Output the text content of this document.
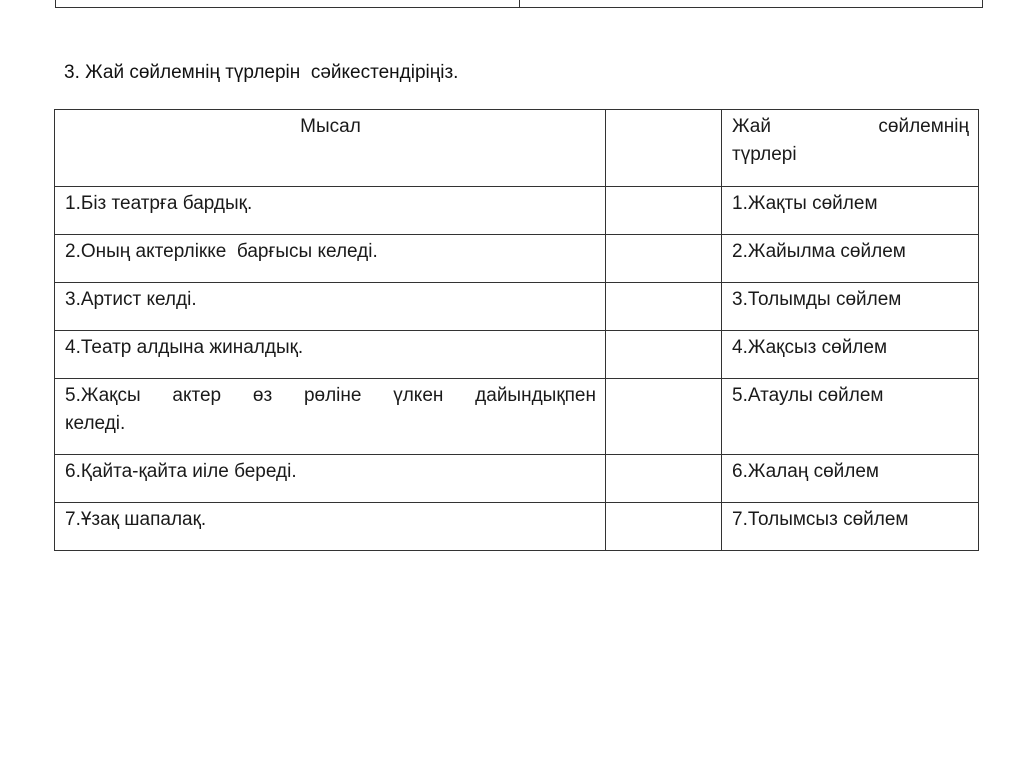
3. Жай сөйлемнің түрлерін  сәйкестендіріңіз.
Мысал		Жай сөйлемнің
түрлері

1.Біз театрға бардық.		1.Жақты сөйлем
2.Оның актерлікке  барғысы келеді.		2.Жайылма сөйлем
3.Артист келді.		3.Толымды сөйлем
4.Театр алдына жиналдық.		4.Жақсыз сөйлем

5.Жақсы актер өз рөліне үлкен дайындықпен
келеді.		5.Атаулы сөйлем
6.Қайта-қайта иіле береді.		6.Жалаң сөйлем
7.Ұзақ шапалақ.		7.Толымсыз сөйлем
